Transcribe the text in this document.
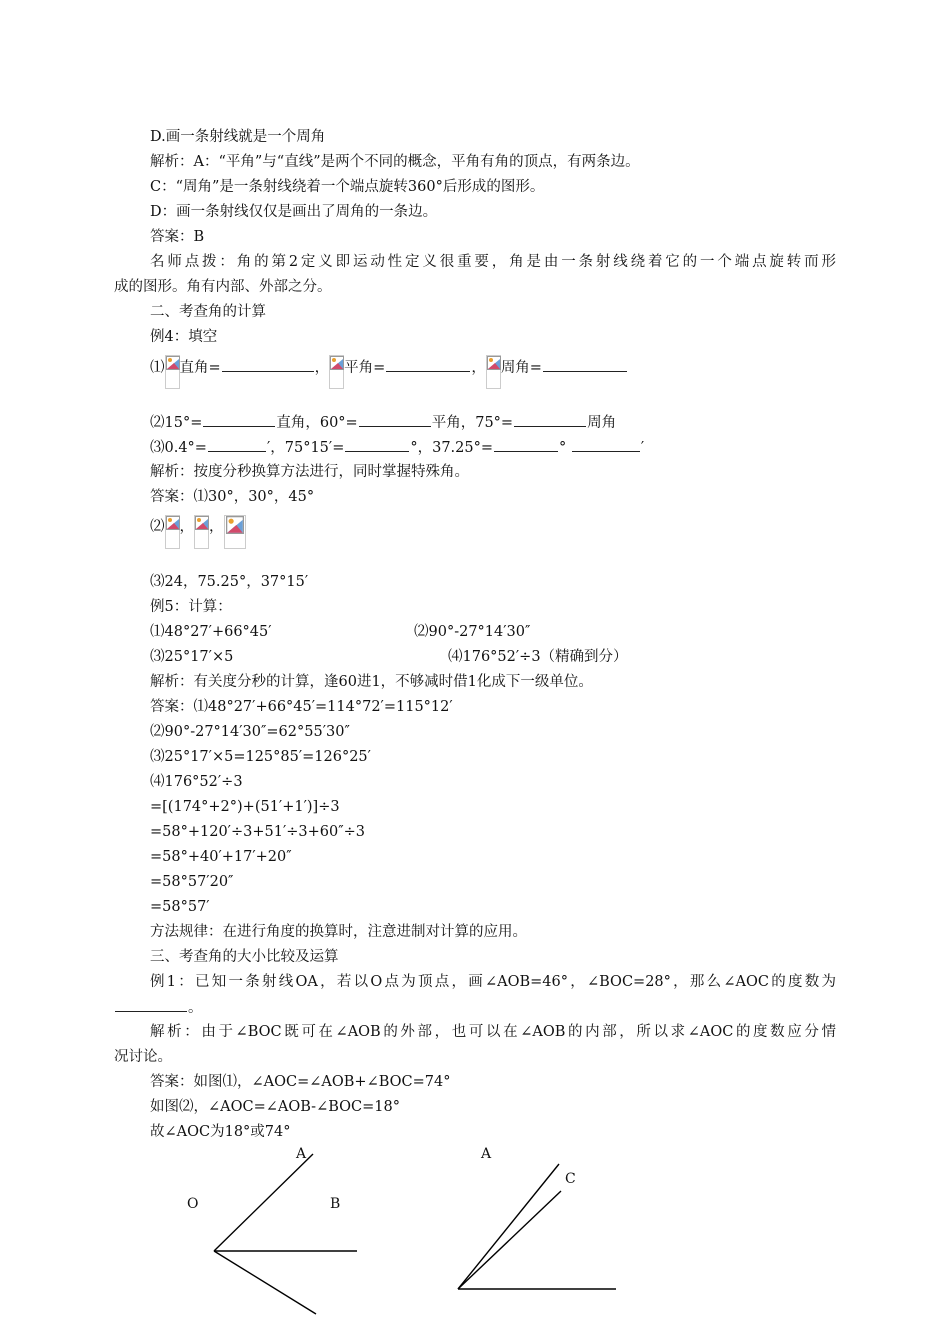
D.画一条射线就是一个周角
解析：A：“平角”与“直线”是两个不同的概念，平角有角的顶点，有两条边。
C：“周角”是一条射线绕着一个端点旋转360°后形成的图形。
D：画一条射线仅仅是画出了周角的一条边。
答案：B
名师点拨：角的第2定义即运动性定义很重要，角是由一条射线绕着它的一个端点旋转而形
成的图形。角有内部、外部之分。
二、考查角的计算
例4：填空
⑴ 直角=	， 平角=	， 周角=
⑵15°=	直角，60°=	平角，75°=	周角
⑶0.4°=	′，75°15′=	°，37.25°=	°	′
解析：按度分秒换算方法进行，同时掌握特殊角。
答案：⑴30°，30°，45°
⑵ ， ，
⑶24，75.25°，37°15′
例5：计算：
⑴48°27′+66°45′	⑵90°-27°14′30″
⑶25°17′×5	⑷176°52′÷3（精确到分）
解析：有关度分秒的计算，逢60进1，不够减时借1化成下一级单位。
答案：⑴48°27′+66°45′=114°72′=115°12′
⑵90°-27°14′30″=62°55′30″
⑶25°17′×5=125°85′=126°25′
⑷176°52′÷3
=[(174°+2°)+(51′+1′)]÷3
=58°+120′÷3+51′÷3+60″÷3
=58°+40′+17′+20″
=58°57′20″
=58°57′
方法规律：在进行角度的换算时，注意进制对计算的应用。
三、考查角的大小比较及运算
例1：已知一条射线OA，若以O点为顶点，画∠AOB=46°，∠BOC=28°，那么∠AOC的度数为
。
解析：由于∠BOC既可在∠AOB的外部，也可以在∠AOB的内部，所以求∠AOC的度数应分情
况讨论。
答案：如图⑴，∠AOC=∠AOB+∠BOC=74°
如图⑵，∠AOC=∠AOB-∠BOC=18°
故∠AOC为18°或74°
A
O	B
A
C
